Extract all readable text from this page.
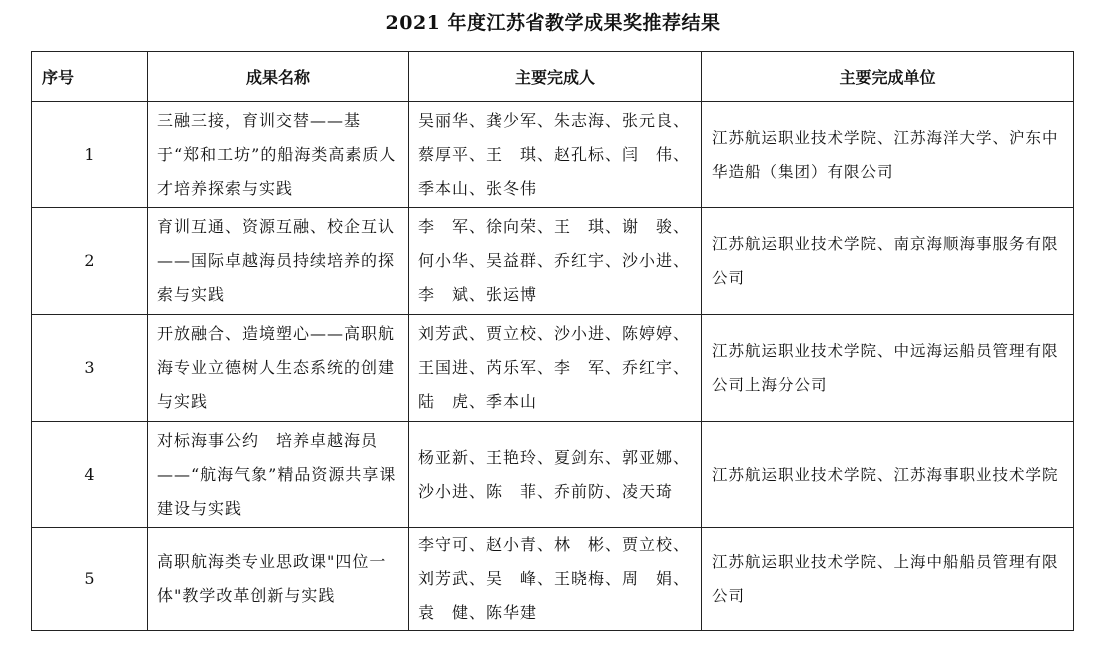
2021 年度江苏省教学成果奖推荐结果
序号	成果名称	主要完成人	主要完成单位
1	三融三接，育训交替——基于“郑和工坊”的船海类高素质人才培养探索与实践	吴丽华、龚少军、朱志海、张元良、蔡厚平、王　琪、赵孔标、闫　伟、季本山、张冬伟	江苏航运职业技术学院、江苏海洋大学、沪东中华造船（集团）有限公司
2	育训互通、资源互融、校企互认——国际卓越海员持续培养的探索与实践	李　军、徐向荣、王　琪、谢　骏、何小华、吴益群、乔红宇、沙小进、李　斌、张运博	江苏航运职业技术学院、南京海顺海事服务有限公司
3	开放融合、造境塑心——高职航海专业立德树人生态系统的创建与实践	刘芳武、贾立校、沙小进、陈婷婷、王国进、芮乐军、李　军、乔红宇、陆　虎、季本山	江苏航运职业技术学院、中远海运船员管理有限公司上海分公司
4	对标海事公约　培养卓越海员——“航海气象”精品资源共享课建设与实践	杨亚新、王艳玲、夏剑东、郭亚娜、沙小进、陈　菲、乔前防、凌天琦	江苏航运职业技术学院、江苏海事职业技术学院
5	高职航海类专业思政课"四位一体"教学改革创新与实践	李守可、赵小青、林　彬、贾立校、刘芳武、吴　峰、王晓梅、周　娟、袁　健、陈华建	江苏航运职业技术学院、上海中船船员管理有限公司
